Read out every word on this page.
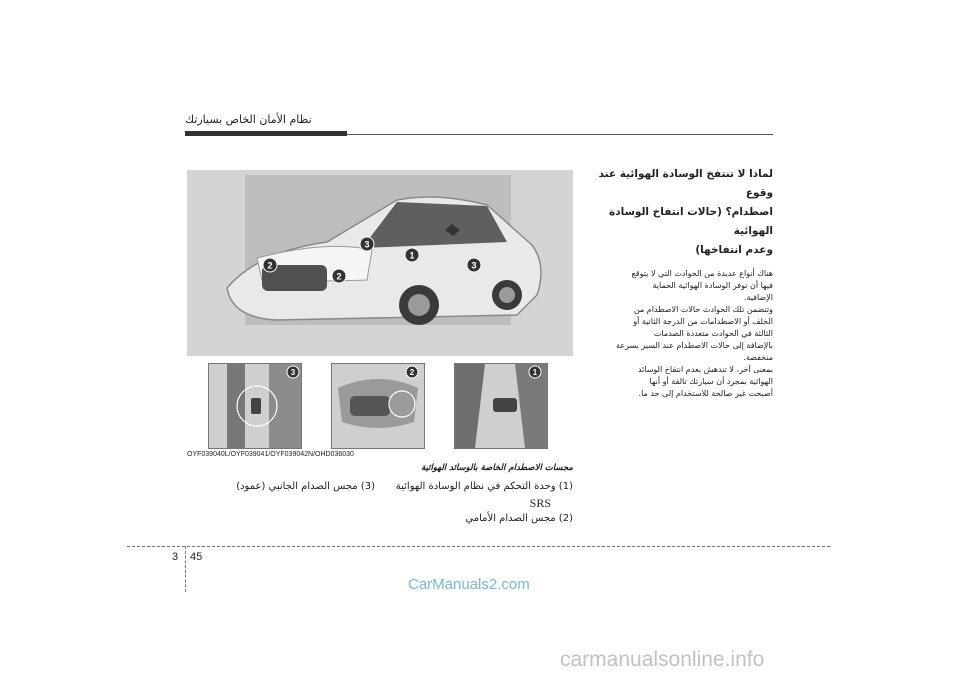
نظام الأمان الخاص بسيارتك

لماذا لا تنتفخ الوسادة الهوائية عند وقوع

اصطدام؟ (حالات انتفاخ الوسادة الهوائية

وعدم انتفاخها)

هناك أنواع عديدة من الحوادث التي لا يتوقع
فيها أن توفر الوسادة الهوائية الحماية
الإضافية.
وتتضمن تلك الحوادث حالات الاصطدام من
الخلف أو الاصطدامات من الدرجة الثانية أو
الثالثة في الحوادث متعددة الصدمات
بالإضافة إلى حالات الاصطدام عند السير بسرعة
منخفضة.
بمعنى آخر، لا تندهش بعدم انتفاخ الوسائد
الهوائية بمجرد أن سيارتك تالفة أو أنها
أصبحت غير صالحة للاستخدام إلى حد ما.
1
2
2
3
3
3	2	1
OYF039040L/OYF039041/OYF039042N/OHD036030
مجسات الاصطدام الخاصة بالوسائد الهوائية
(1) وحدة التحكم في نظام الوسادة الهوائية
SRS
(2) مجس الصدام الأمامي
(3) مجس الصدام الجانبي (عمود)
3 45
CarManuals2.com
carmanualsonline.info
